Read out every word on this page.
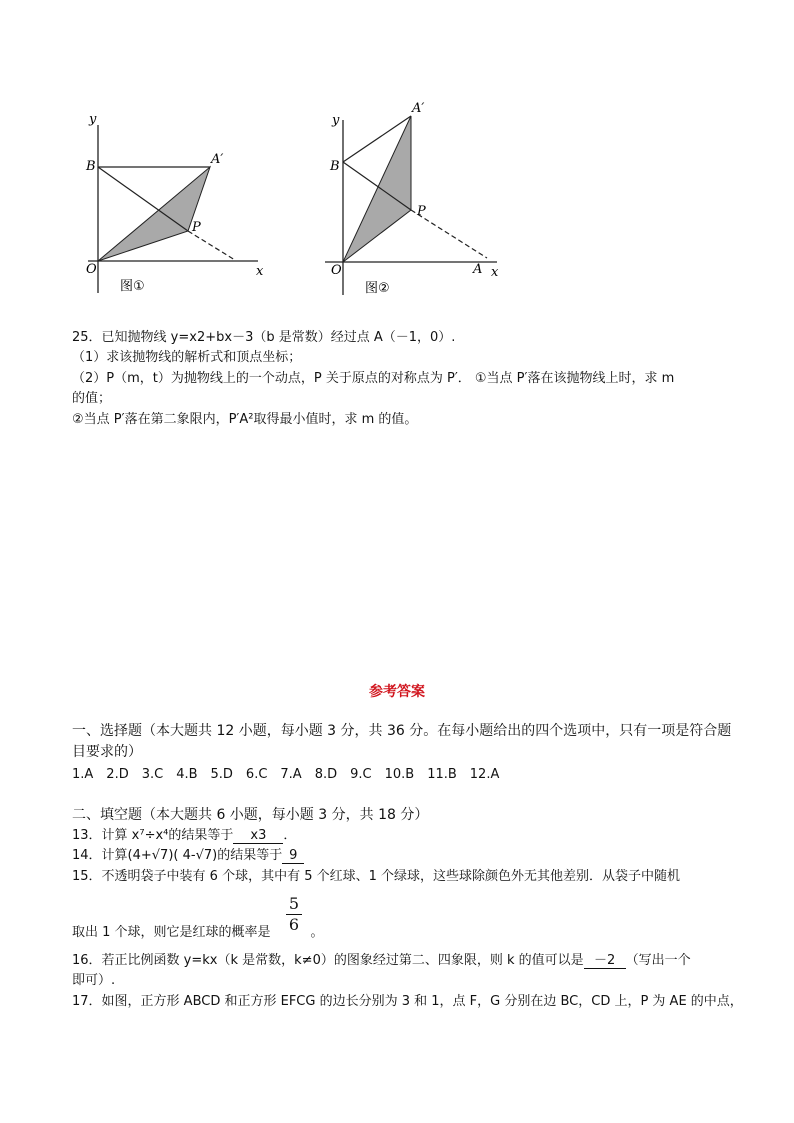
y
x
O
B	A′
P
图①
y
x
O
B
A′
P
A
图②
25．已知抛物线 y=x2+bx－3（b 是常数）经过点 A（－1，0）.
（1）求该抛物线的解析式和顶点坐标；
（2）P（m，t）为抛物线上的一个动点，P 关于原点的对称点为 P′． ①当点 P′落在该抛物线上时，求 m
的值；
②当点 P′落在第二象限内，P′A²取得最小值时，求 m 的值。
参考答案
一、选择题（本大题共 12 小题，每小题 3 分，共 36 分。在每小题给出的四个选项中，只有一项是符合题
目要求的）
1.A　2.D　3.C　4.B　5.D　6.C　7.A　8.D　9.C　10.B　11.B　12.A
二、填空题（本大题共 6 小题，每小题 3 分，共 18 分）
13．计算 x⁷÷x⁴的结果等于 x3 ．
14．计算(4+√7)( 4-√7)的结果等于 9
15．不透明袋子中装有 6 个球，其中有 5 个红球、1 个绿球，这些球除颜色外无其他差别．从袋子中随机
5
6
取出 1 个球，则它是红球的概率是	。
16．若正比例函数 y=kx（k 是常数，k≠0）的图象经过第二、四象限，则 k 的值可以是 －2 （写出一个
即可）.
17．如图，正方形 ABCD 和正方形 EFCG 的边长分别为 3 和 1，点 F，G 分别在边 BC，CD 上，P 为 AE 的中点，
